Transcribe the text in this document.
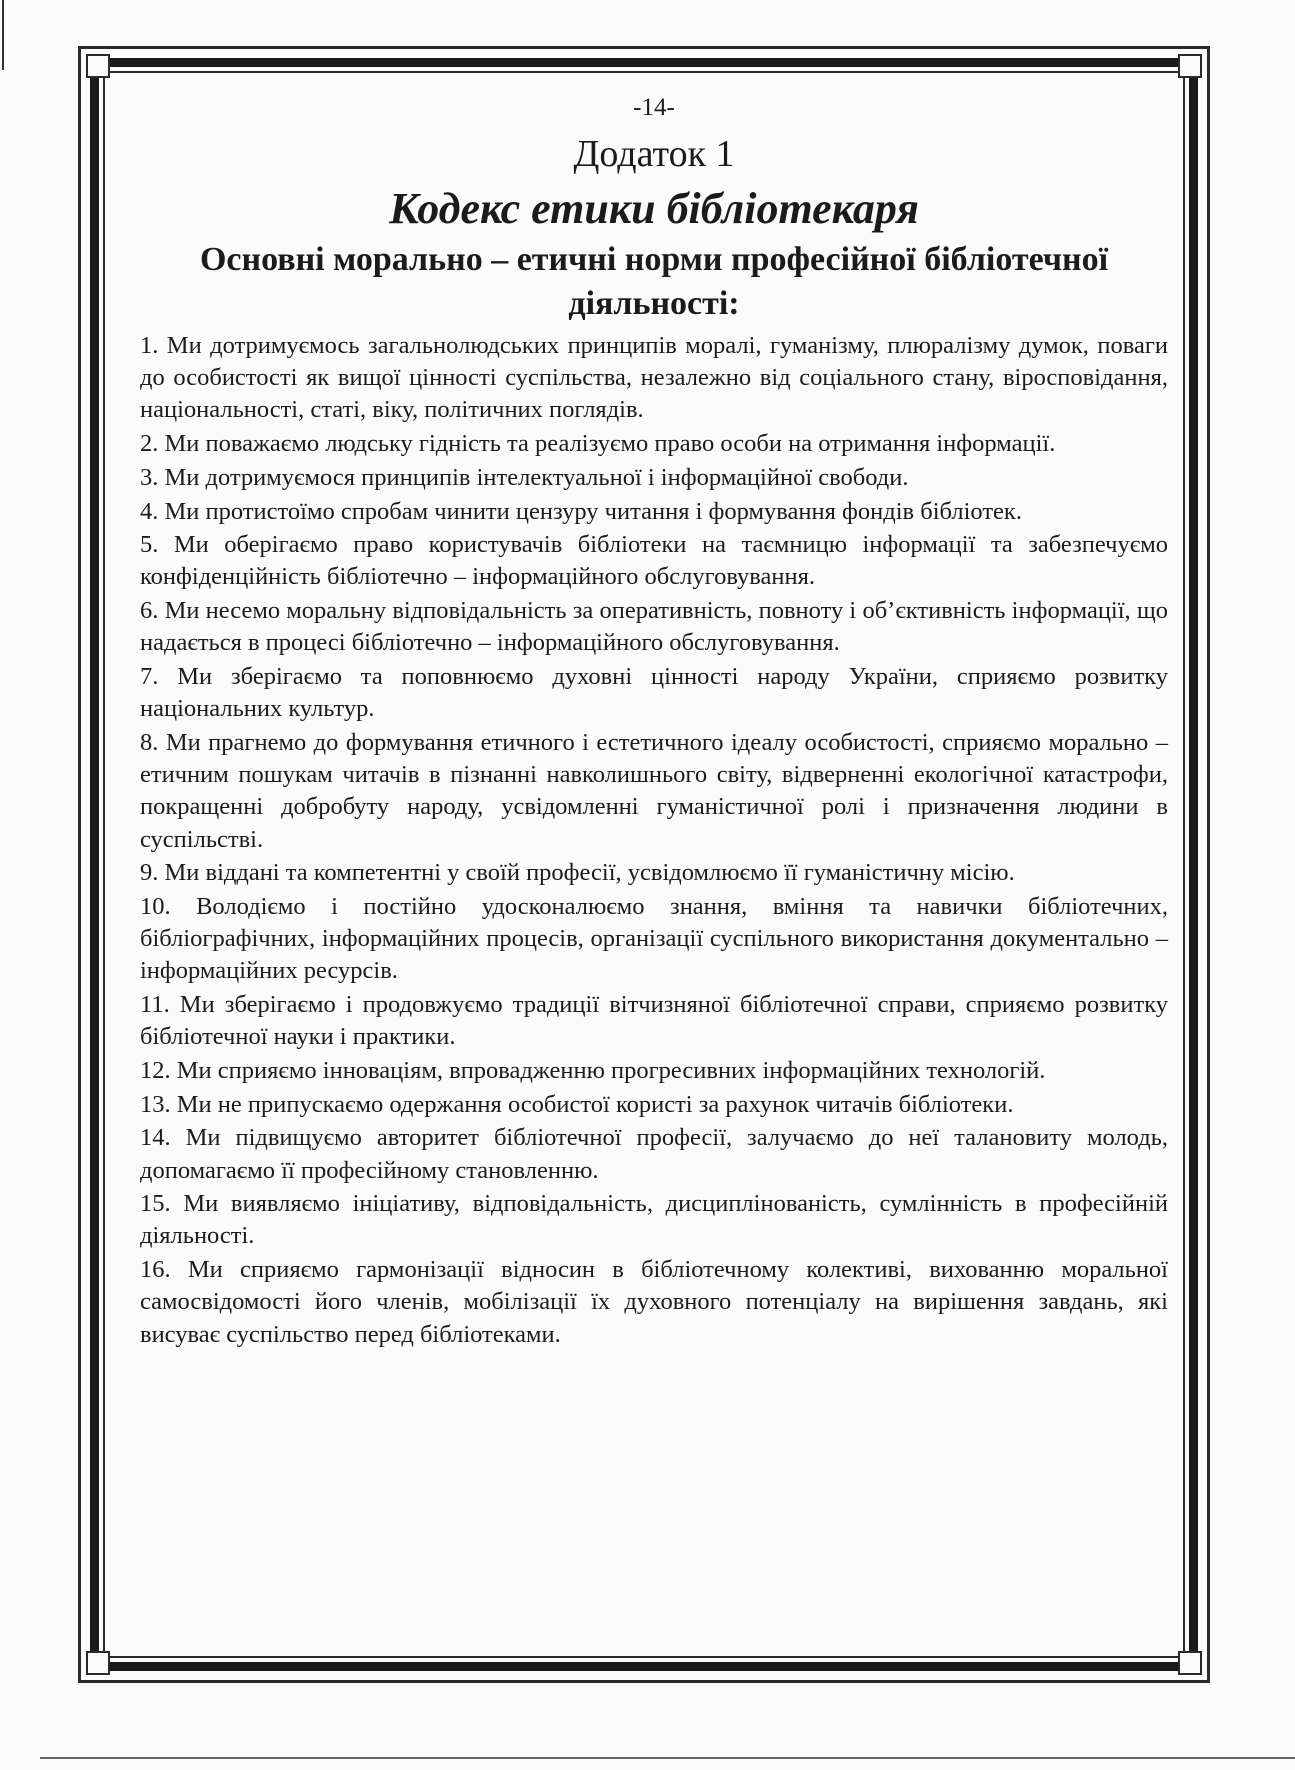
-14-

Додаток 1
Кодекс етики бібліотекаря
Основні морально – етичні норми професійної бібліотечної діяльності:
1. Ми дотримуємось загальнолюдських принципів моралі, гуманізму, плюралізму думок, поваги до особистості як вищої цінності суспільства, незалежно від соціального стану, віросповідання, національності, статі, віку, політичних поглядів.
2. Ми поважаємо людську гідність та реалізуємо право особи на отримання інформації.
3. Ми дотримуємося принципів інтелектуальної і інформаційної свободи.
4. Ми протистоїмо спробам чинити цензуру читання і формування фондів бібліотек.
5. Ми оберігаємо право користувачів бібліотеки на таємницю інформації та забезпечуємо конфіденційність бібліотечно – інформаційного обслуговування.
6. Ми несемо моральну відповідальність за оперативність, повноту і об’єктивність інформації, що надається в процесі бібліотечно – інформаційного обслуговування.
7. Ми зберігаємо та поповнюємо духовні цінності народу України, сприяємо розвитку національних культур.
8. Ми прагнемо до формування етичного і естетичного ідеалу особистості, сприяємо морально – етичним пошукам читачів в пізнанні навколишнього світу, відверненні екологічної катастрофи, покращенні добробуту народу, усвідомленні гуманістичної ролі і призначення людини в суспільстві.
9. Ми віддані та компетентні у своїй професії, усвідомлюємо її гуманістичну місію.
10. Володіємо і постійно удосконалюємо знання, вміння та навички бібліотечних, бібліографічних, інформаційних процесів, організації суспільного використання документально – інформаційних ресурсів.
11. Ми зберігаємо і продовжуємо традиції вітчизняної бібліотечної справи, сприяємо розвитку бібліотечної науки і практики.
12. Ми сприяємо інноваціям, впровадженню прогресивних інформаційних технологій.
13. Ми не припускаємо одержання особистої користі за рахунок читачів бібліотеки.
14. Ми підвищуємо авторитет бібліотечної професії, залучаємо до неї талановиту молодь, допомагаємо її професійному становленню.
15. Ми виявляємо ініціативу, відповідальність, дисциплінованість, сумлінність в професійній діяльності.
16. Ми сприяємо гармонізації відносин в бібліотечному колективі, вихованню моральної самосвідомості його членів, мобілізації їх духовного потенціалу на вирішення завдань, які висуває суспільство перед бібліотеками.
